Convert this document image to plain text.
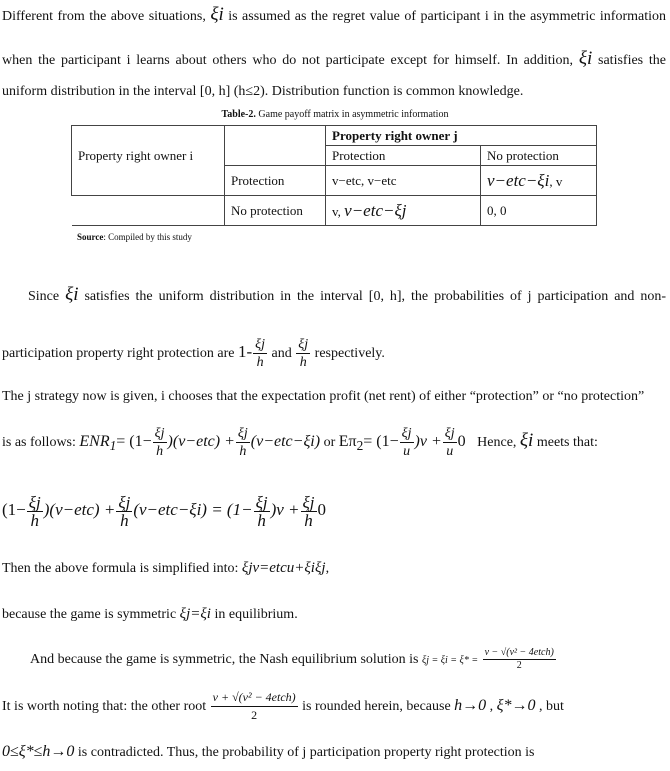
Different from the above situations, ξi is assumed as the regret value of participant i in the asymmetric information
when the participant i learns about others who do not participate except for himself. In addition, ξi satisfies the
uniform distribution in the interval [0, h] (h≤2). Distribution function is common knowledge.
Table-2. Game payoff matrix in asymmetric information
		Property right owner j	
Property right owner i		Protection	No protection
	Protection	v−etc, v−etc	v−etc−ξi, v
	No protection	v, v−etc−ξj	0, 0
Source: Compiled by this study
Since ξi satisfies the uniform distribution in the interval [0, h], the probabilities of j participation and non-
participation property right protection are $1- \frac{\xi j}{h}$ and $\frac{\xi j}{h}$ respectively.
The j strategy now is given, i chooses that the expectation profit (net rent) of either “protection” or “no protection”
is as follows: $ENR_1= (1- \frac{\xi j}{h} )(v-etc) + \frac{\xi j}{h} (v-etc-\xi i)$ or $E\pi_2= (1- \frac{\xi j}{u} )v + \frac{\xi j}{u} 0$ Hence, ξi meets that:
$(1- \frac{\xi j}{h} )(v-etc) + \frac{\xi j}{h} (v-etc-\xi i) = (1- \frac{\xi j}{h} )v + \frac{\xi j}{h} 0$
Then the above formula is simplified into: ξjv=etcu+ξiξj,
because the game is symmetric ξj=ξi in equilibrium.
And because the game is symmetric, the Nash equilibrium solution is $\xi j = \xi i = \xi* = \frac{\text{v − √(v² − 4etch)}}{2}$
It is worth noting that: the other root $\frac{\text{v + √(v² − 4etch)}}{2}$ is rounded herein, because h→0 , ξ*→0 , but
0≤ξ*≤h→0 is contradicted. Thus, the probability of j participation property right protection is
